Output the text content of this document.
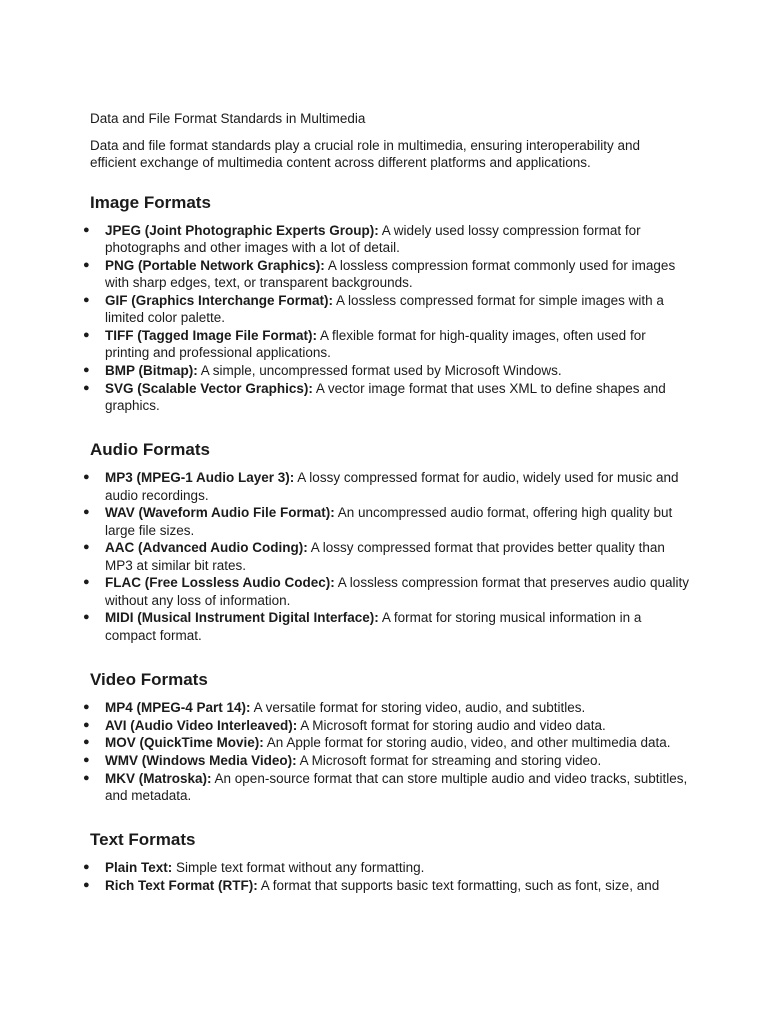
Data and File Format Standards in Multimedia

Data and file format standards play a crucial role in multimedia, ensuring interoperability and efficient exchange of multimedia content across different platforms and applications.

Image Formats
● JPEG (Joint Photographic Experts Group): A widely used lossy compression format for photographs and other images with a lot of detail.
● PNG (Portable Network Graphics): A lossless compression format commonly used for images with sharp edges, text, or transparent backgrounds.
● GIF (Graphics Interchange Format): A lossless compressed format for simple images with a limited color palette.
● TIFF (Tagged Image File Format): A flexible format for high-quality images, often used for printing and professional applications.
● BMP (Bitmap): A simple, uncompressed format used by Microsoft Windows.
● SVG (Scalable Vector Graphics): A vector image format that uses XML to define shapes and graphics.
Audio Formats
● MP3 (MPEG-1 Audio Layer 3): A lossy compressed format for audio, widely used for music and audio recordings.
● WAV (Waveform Audio File Format): An uncompressed audio format, offering high quality but large file sizes.
● AAC (Advanced Audio Coding): A lossy compressed format that provides better quality than MP3 at similar bit rates.
● FLAC (Free Lossless Audio Codec): A lossless compression format that preserves audio quality without any loss of information.
● MIDI (Musical Instrument Digital Interface): A format for storing musical information in a compact format.
Video Formats
● MP4 (MPEG-4 Part 14): A versatile format for storing video, audio, and subtitles.
● AVI (Audio Video Interleaved): A Microsoft format for storing audio and video data.
● MOV (QuickTime Movie): An Apple format for storing audio, video, and other multimedia data.
● WMV (Windows Media Video): A Microsoft format for streaming and storing video.
● MKV (Matroska): An open-source format that can store multiple audio and video tracks, subtitles, and metadata.
Text Formats
● Plain Text: Simple text format without any formatting.
● Rich Text Format (RTF): A format that supports basic text formatting, such as font, size, and
